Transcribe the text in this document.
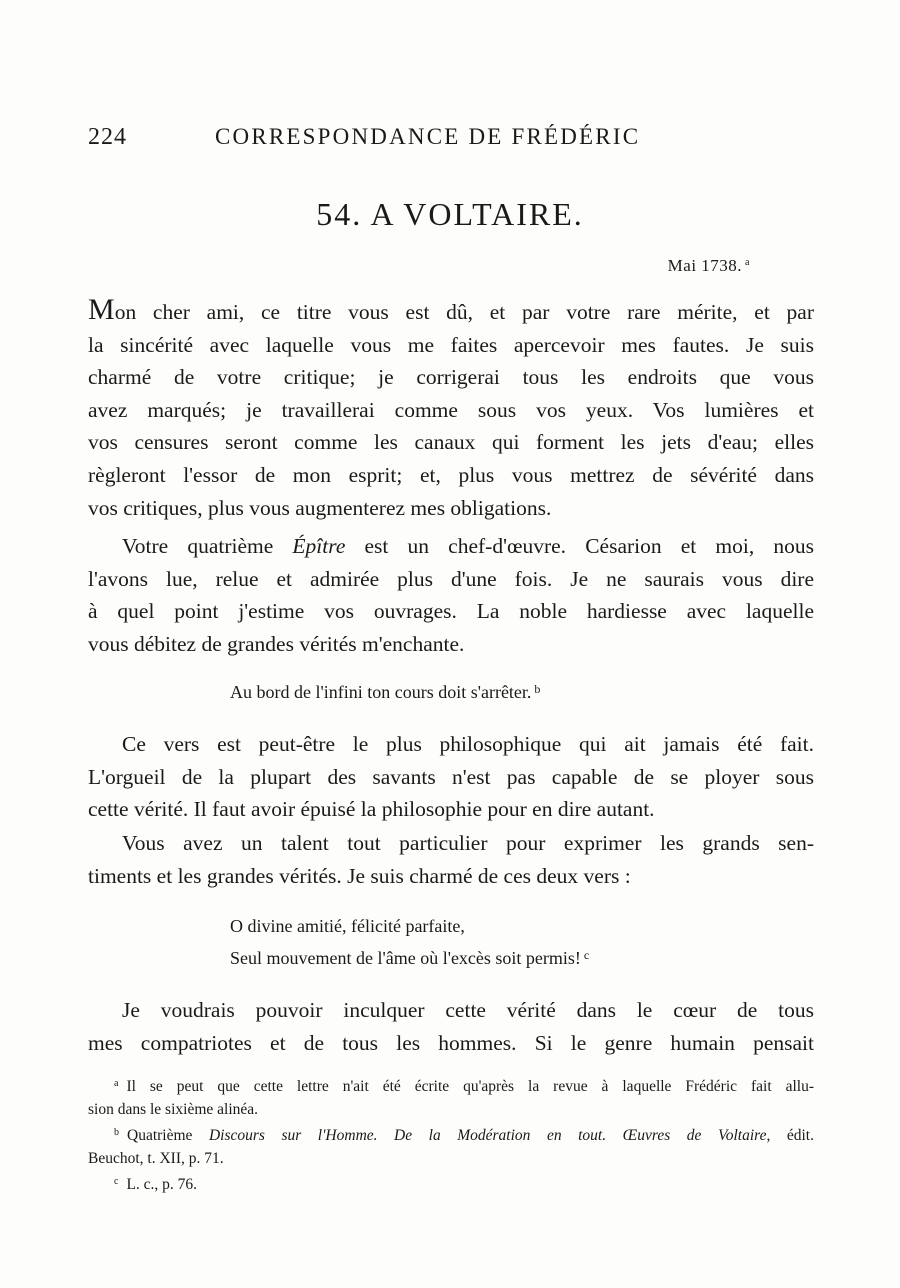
224	CORRESPONDANCE DE FRÉDÉRIC
54. A VOLTAIRE.
Mai 1738. $^a$
Mon cher ami, ce titre vous est dû, et par votre rare mérite, et par
la sincérité avec laquelle vous me faites apercevoir mes fautes. Je suis
charmé de votre critique; je corrigerai tous les endroits que vous
avez marqués; je travaillerai comme sous vos yeux. Vos lumières et
vos censures seront comme les canaux qui forment les jets d'eau; elles
règleront l'essor de mon esprit; et, plus vous mettrez de sévérité dans
vos critiques, plus vous augmenterez mes obligations.
Votre quatrième Épître est un chef-d'œuvre. Césarion et moi, nous
l'avons lue, relue et admirée plus d'une fois. Je ne saurais vous dire
à quel point j'estime vos ouvrages. La noble hardiesse avec laquelle
vous débitez de grandes vérités m'enchante.
Au bord de l'infini ton cours doit s'arrêter. $^b$
Ce vers est peut-être le plus philosophique qui ait jamais été fait.
L'orgueil de la plupart des savants n'est pas capable de se ployer sous
cette vérité. Il faut avoir épuisé la philosophie pour en dire autant.
Vous avez un talent tout particulier pour exprimer les grands sen-
timents et les grandes vérités. Je suis charmé de ces deux vers :
O divine amitié, félicité parfaite,
Seul mouvement de l'âme où l'excès soit permis! $^c$
Je voudrais pouvoir inculquer cette vérité dans le cœur de tous
mes compatriotes et de tous les hommes. Si le genre humain pensait
$^a$ Il se peut que cette lettre n'ait été écrite qu'après la revue à laquelle Frédéric fait allu-
sion dans le sixième alinéa.
$^b$ Quatrième Discours sur l'Homme. De la Modération en tout. Œuvres de Voltaire, édit.
Beuchot, t. XII, p. 71.
$^c$ L. c., p. 76.
